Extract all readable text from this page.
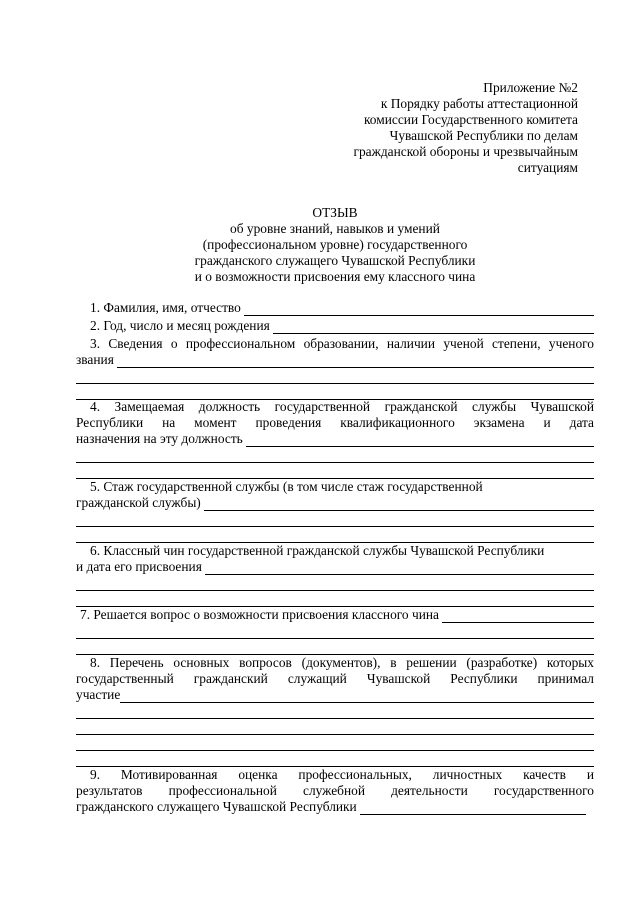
Приложение №2
к Порядку работы аттестационной
комиссии Государственного комитета
Чувашской Республики по делам
гражданской обороны и чрезвычайным
ситуациям
ОТЗЫВ
об уровне знаний, навыков и умений
(профессиональном уровне) государственного
гражданского служащего Чувашской Республики
и о возможности присвоения ему классного чина
1. Фамилия, имя, отчество
2. Год, число и месяц рождения
3. Сведения о профессиональном образовании, наличии ученой степени, ученого
звания
4. Замещаемая должность государственной гражданской службы Чувашской
Республики на момент проведения квалификационного экзамена и дата
назначения на эту должность
5. Стаж государственной службы (в том числе стаж государственной
гражданской службы)
6. Классный чин государственной гражданской службы Чувашской Республики
и дата его присвоения
7. Решается вопрос о возможности присвоения классного чина
8. Перечень основных вопросов (документов), в решении (разработке) которых
государственный гражданский служащий Чувашской Республики принимал
участие
9. Мотивированная оценка профессиональных, личностных качеств и
результатов профессиональной служебной деятельности государственного
гражданского служащего Чувашской Республики
